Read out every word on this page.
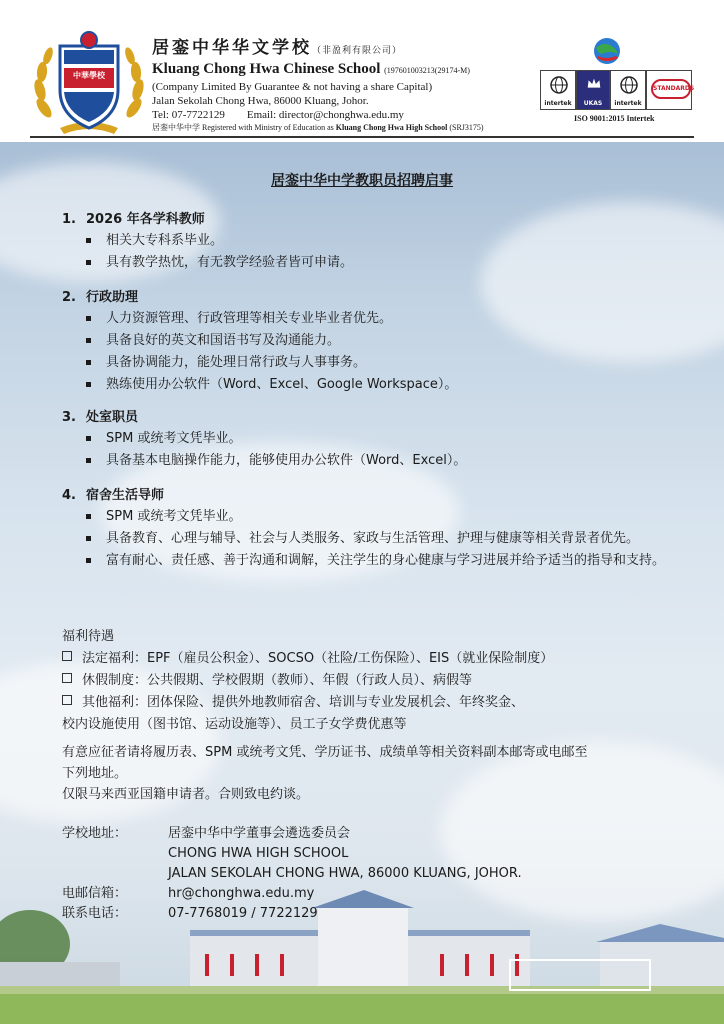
中華學校
居銮中华华文学校（非盈利有限公司）
Kluang Chong Hwa Chinese School (197601003213(29174-M)
(Company Limited By Guarantee & not having a share Capital)
Jalan Sekolah Chong Hwa, 86000 Kluang, Johor.
Tel: 07-7722129 Email: director@chonghwa.edu.my
居銮中华中学 Registered with Ministry of Education as Kluang Chong Hwa High School (SRJ3175)
intertek	UKAS	intertek
STANDARDS
ISO 9001:2015 Intertek
居銮中华中学教职员招聘启事
1. 2026 年各学科教师
相关大专科系毕业。
具有教学热忱，有无教学经验者皆可申请。
2. 行政助理
人力资源管理、行政管理等相关专业毕业者优先。
具备良好的英文和国语书写及沟通能力。
具备协调能力，能处理日常行政与人事事务。
熟练使用办公软件（Word、Excel、Google Workspace）。
3. 处室职员
SPM 或统考文凭毕业。
具备基本电脑操作能力，能够使用办公软件（Word、Excel）。
4. 宿舍生活导师
SPM 或统考文凭毕业。
具备教育、心理与辅导、社会与人类服务、家政与生活管理、护理与健康等相关背景者优先。
富有耐心、责任感、善于沟通和调解，关注学生的身心健康与学习进展并给予适当的指导和支持。
福利待遇
法定福利：EPF（雇员公积金）、SOCSO（社险/工伤保险）、EIS（就业保险制度）
休假制度：公共假期、学校假期（教师）、年假（行政人员）、病假等
其他福利：团体保险、提供外地教师宿舍、培训与专业发展机会、年终奖金、
校内设施使用（图书馆、运动设施等）、员工子女学费优惠等
有意应征者请将履历表、SPM 或统考文凭、学历证书、成绩单等相关资料副本邮寄或电邮至
下列地址。
仅限马来西亚国籍申请者。合则致电约谈。
学校地址：	居銮中华中学董事会遴选委员会
CHONG HWA HIGH SCHOOL
JALAN SEKOLAH CHONG HWA, 86000 KLUANG, JOHOR.
电邮信箱：	hr@chonghwa.edu.my
联系电话：	07-7768019 / 7722129
